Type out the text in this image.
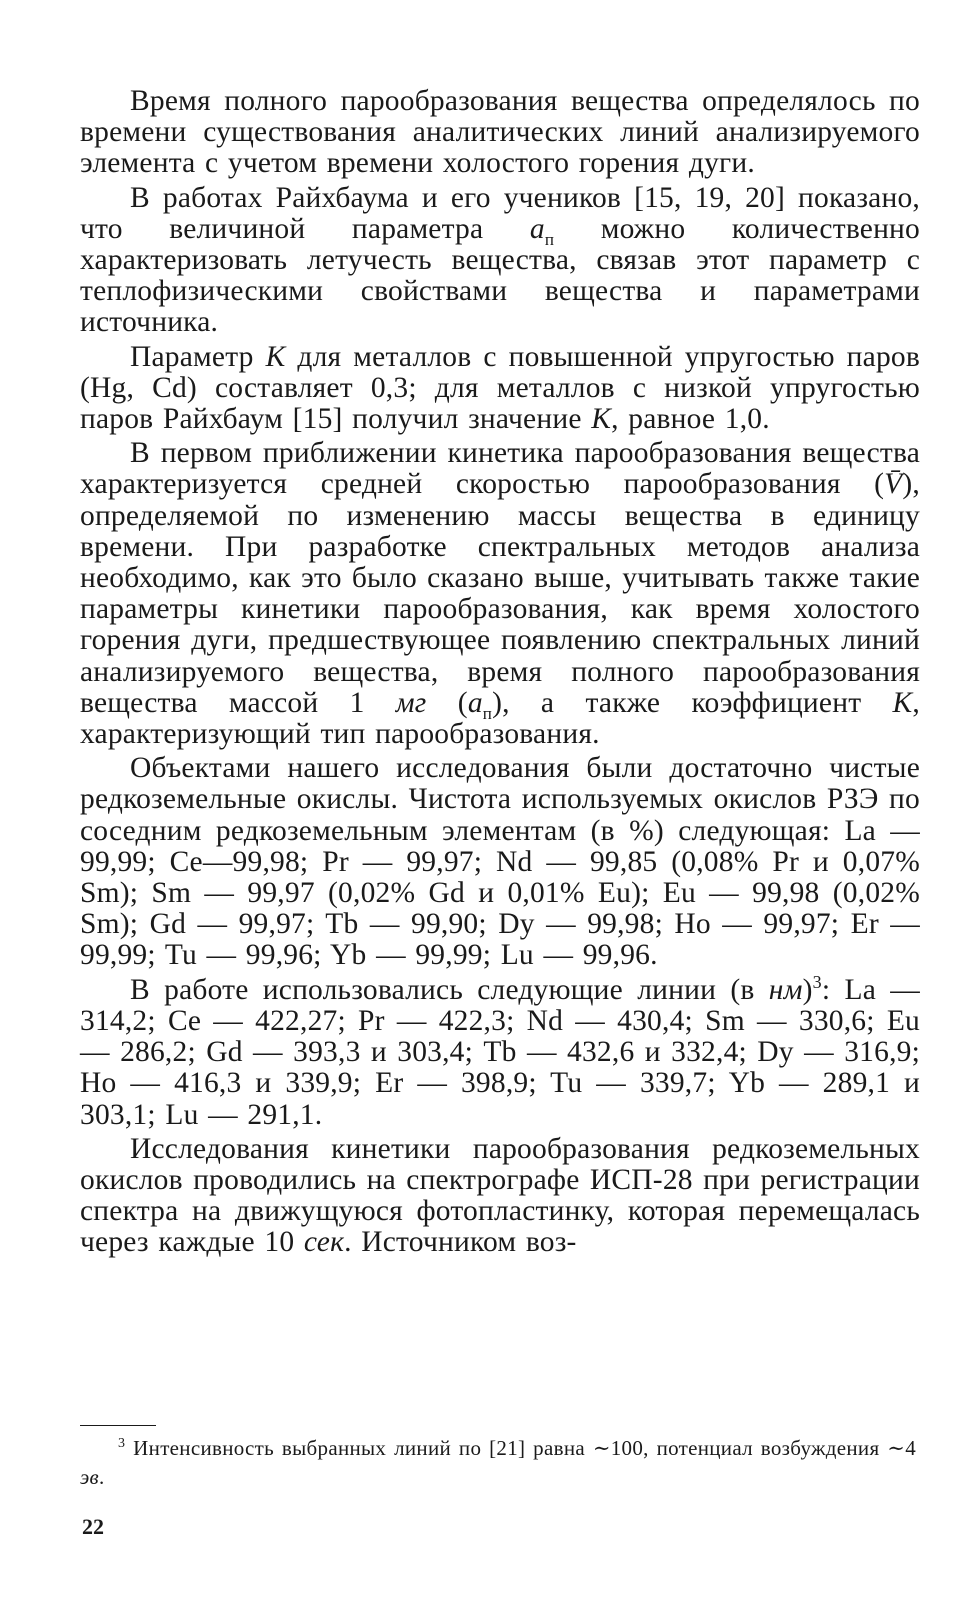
Время полного парообразования вещества определялось по времени существования аналитических линий анализируемого элемента с учетом времени холостого горения дуги.

В работах Райхбаума и его учеников [15, 19, 20] показано, что величиной параметра $a_п$ можно количественно характеризовать летучесть вещества, связав этот параметр с теплофизическими свойствами вещества и параметрами источника.

Параметр K для металлов с повышенной упругостью паров (Hg, Cd) составляет 0,3; для металлов с низкой упругостью паров Райхбаум [15] получил значение K, равное 1,0.

В первом приближении кинетика парообразования вещества характеризуется средней скоростью парообразования (V̄), определяемой по изменению массы вещества в единицу времени. При разработке спектральных методов анализа необходимо, как это было сказано выше, учитывать также такие параметры кинетики парообразования, как время холостого горения дуги, предшествующее появлению спектральных линий анализируемого вещества, время полного парообразования вещества массой 1 мг $(a_п)$, а также коэффициент K, характеризующий тип парообразования.

Объектами нашего исследования были достаточно чистые редкоземельные окислы. Чистота используемых окислов РЗЭ по соседним редкоземельным элементам (в %) следующая: La — 99,99; Ce—99,98; Pr — 99,97; Nd — 99,85 (0,08% Pr и 0,07% Sm); Sm — 99,97 (0,02% Gd и 0,01% Eu); Eu — 99,98 (0,02% Sm); Gd — 99,97; Tb — 99,90; Dy — 99,98; Ho — 99,97; Er — 99,99; Tu — 99,96; Yb — 99,99; Lu — 99,96.

В работе использовались следующие линии (в нм)$^3$: La — 314,2; Ce — 422,27; Pr — 422,3; Nd — 430,4; Sm — 330,6; Eu — 286,2; Gd — 393,3 и 303,4; Tb — 432,6 и 332,4; Dy — 316,9; Ho — 416,3 и 339,9; Er — 398,9; Tu — 339,7; Yb — 289,1 и 303,1; Lu — 291,1.

Исследования кинетики парообразования редкоземельных окислов проводились на спектрографе ИСП-28 при регистрации спектра на движущуюся фотопластинку, которая перемещалась через каждые 10 сек. Источником воз-

$^3$ Интенсивность выбранных линий по [21] равна ∼100, потенциал возбуждения ∼4 эв.

22
